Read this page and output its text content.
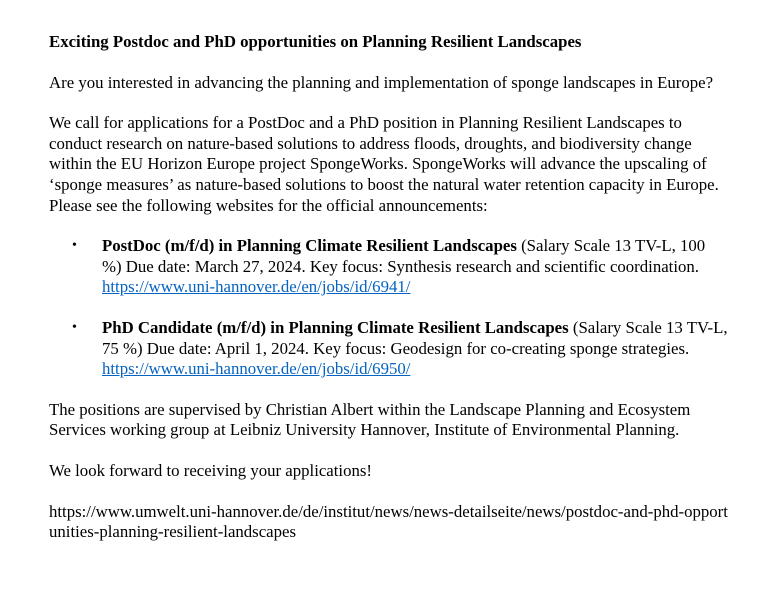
Exciting Postdoc and PhD opportunities on Planning Resilient Landscapes

Are you interested in advancing the planning and implementation of sponge landscapes in Europe?

We call for applications for a PostDoc and a PhD position in Planning Resilient Landscapes to conduct research on nature-based solutions to address floods, droughts, and biodiversity change within the EU Horizon Europe project SpongeWorks. SpongeWorks will advance the upscaling of ‘sponge measures’ as nature-based solutions to boost the natural water retention capacity in Europe. Please see the following websites for the official announcements:

• PostDoc (m/f/d) in Planning Climate Resilient Landscapes (Salary Scale 13 TV-L, 100 %) Due date: March 27, 2024. Key focus: Synthesis research and scientific coordination. https://www.uni-hannover.de/en/jobs/id/6941/
• PhD Candidate (m/f/d) in Planning Climate Resilient Landscapes (Salary Scale 13 TV-L, 75 %) Due date: April 1, 2024. Key focus: Geodesign for co-creating sponge strategies. https://www.uni-hannover.de/en/jobs/id/6950/

The positions are supervised by Christian Albert within the Landscape Planning and Ecosystem Services working group at Leibniz University Hannover, Institute of Environmental Planning.

We look forward to receiving your applications!

https://www.umwelt.uni-hannover.de/de/institut/news/news-detailseite/news/postdoc-and-phd-opportunities-planning-resilient-landscapes
